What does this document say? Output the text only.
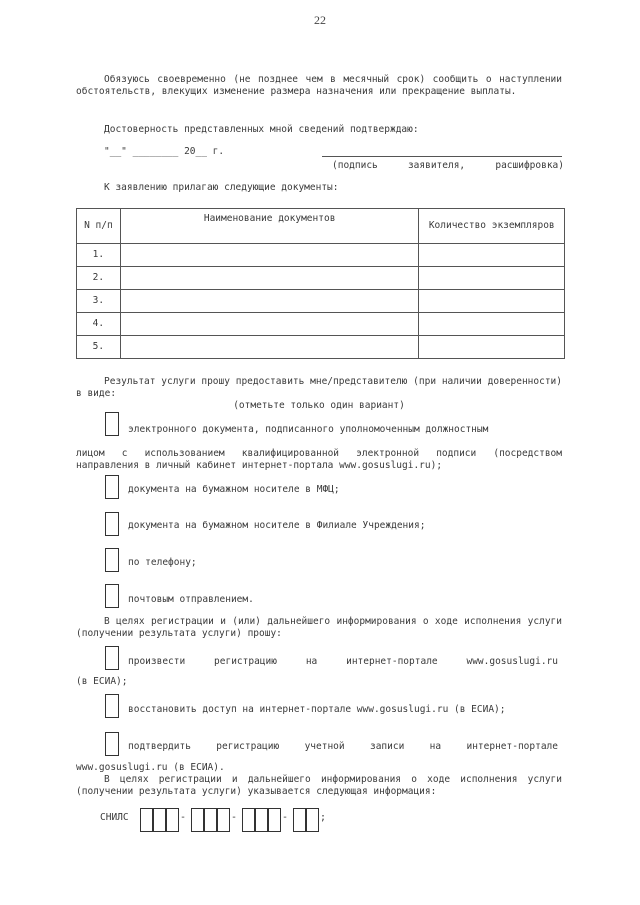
22
Обязуюсь своевременно (не позднее чем в месячный срок) сообщить о наступлении обстоятельств, влекущих изменение размера назначения или прекращение выплаты.
Достоверность представленных мной сведений подтверждаю:
"__" ________ 20__ г.
(подпись заявителя, расшифровка)
К заявлению прилагаю следующие документы:
N п/п	Наименование документов	Количество экземпляров
1.		
2.		
3.		
4.		
5.		
Результат услуги прошу предоставить мне/представителю (при наличии доверенности) в виде:
(отметьте только один вариант)
электронного документа, подписанного уполномоченным должностным
лицом с использованием квалифицированной электронной подписи (посредством направления в личный кабинет интернет-портала www.gosuslugi.ru);
документа на бумажном носителе в МФЦ;
документа на бумажном носителе в Филиале Учреждения;
по телефону;
почтовым отправлением.
В целях регистрации и (или) дальнейшего информирования о ходе исполнения услуги (получении результата услуги) прошу:
произвести регистрацию на интернет-портале www.gosuslugi.ru
(в ЕСИА);
восстановить доступ на интернет-портале www.gosuslugi.ru (в ЕСИА);
подтвердить регистрацию учетной записи на интернет-портале
www.gosuslugi.ru (в ЕСИА).
В целях регистрации и дальнейшего информирования о ходе исполнения услуги (получении результата услуги) указывается следующая информация:
СНИЛС	-	-	-	;
